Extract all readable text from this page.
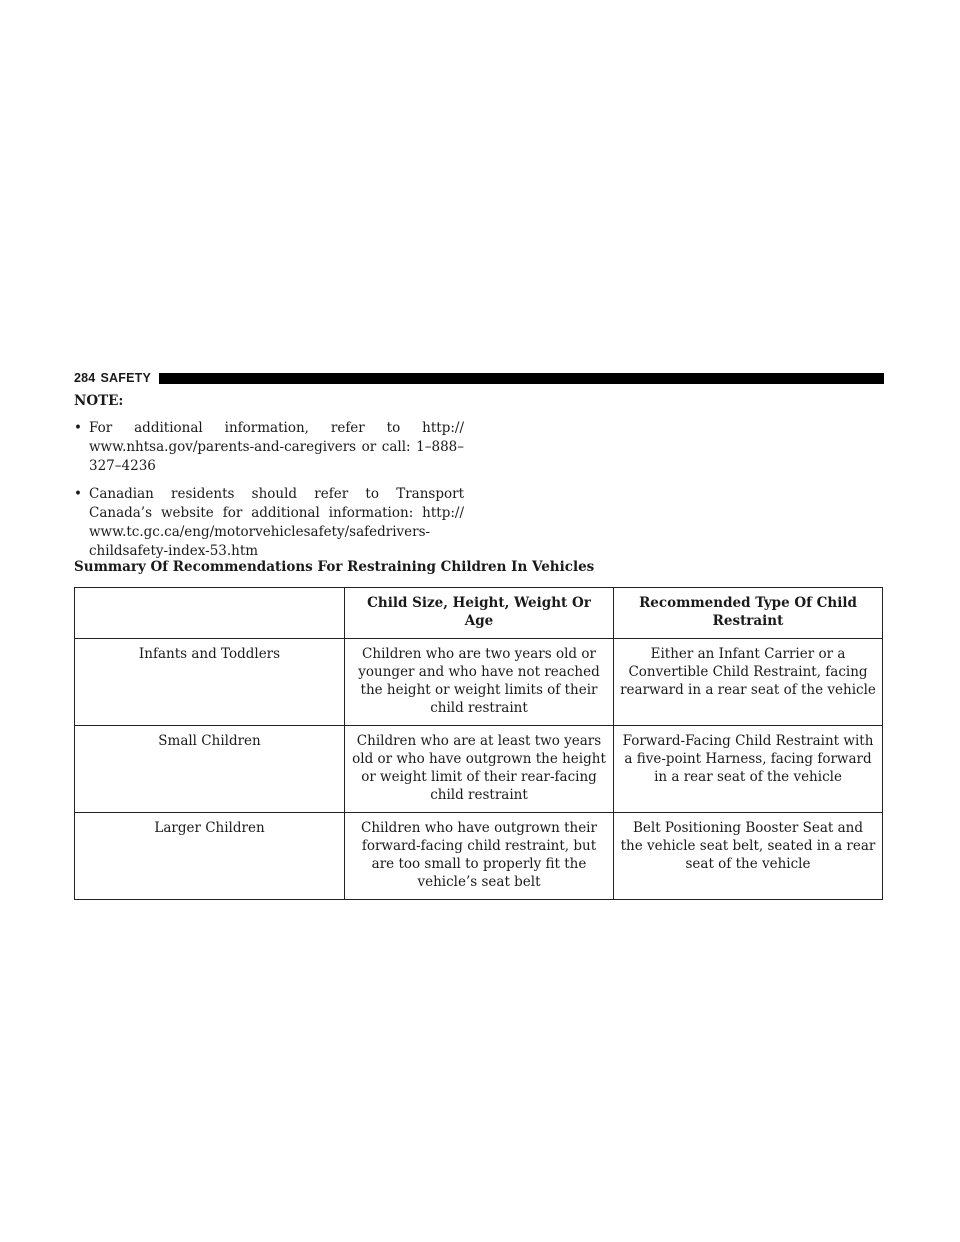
284 SAFETY
NOTE:
• For additional information, refer to http:// www.nhtsa.gov/parents-and-caregivers or call: 1–888–327–4236
• Canadian residents should refer to Transport Canada’s website for additional information: http:// www.tc.gc.ca/eng/motorvehiclesafety/safedrivers-childsafety-index-53.htm
Summary Of Recommendations For Restraining Children In Vehicles
	Child Size, Height, Weight Or Age	Recommended Type Of Child Restraint
Infants and Toddlers	Children who are two years old or younger and who have not reached the height or weight limits of their child restraint	Either an Infant Carrier or a Convertible Child Restraint, facing rearward in a rear seat of the vehicle
Small Children	Children who are at least two years old or who have outgrown the height or weight limit of their rear-facing child restraint	Forward-Facing Child Restraint with a five-point Harness, facing forward in a rear seat of the vehicle
Larger Children	Children who have outgrown their forward-facing child restraint, but are too small to properly fit the vehicle’s seat belt	Belt Positioning Booster Seat and the vehicle seat belt, seated in a rear seat of the vehicle
